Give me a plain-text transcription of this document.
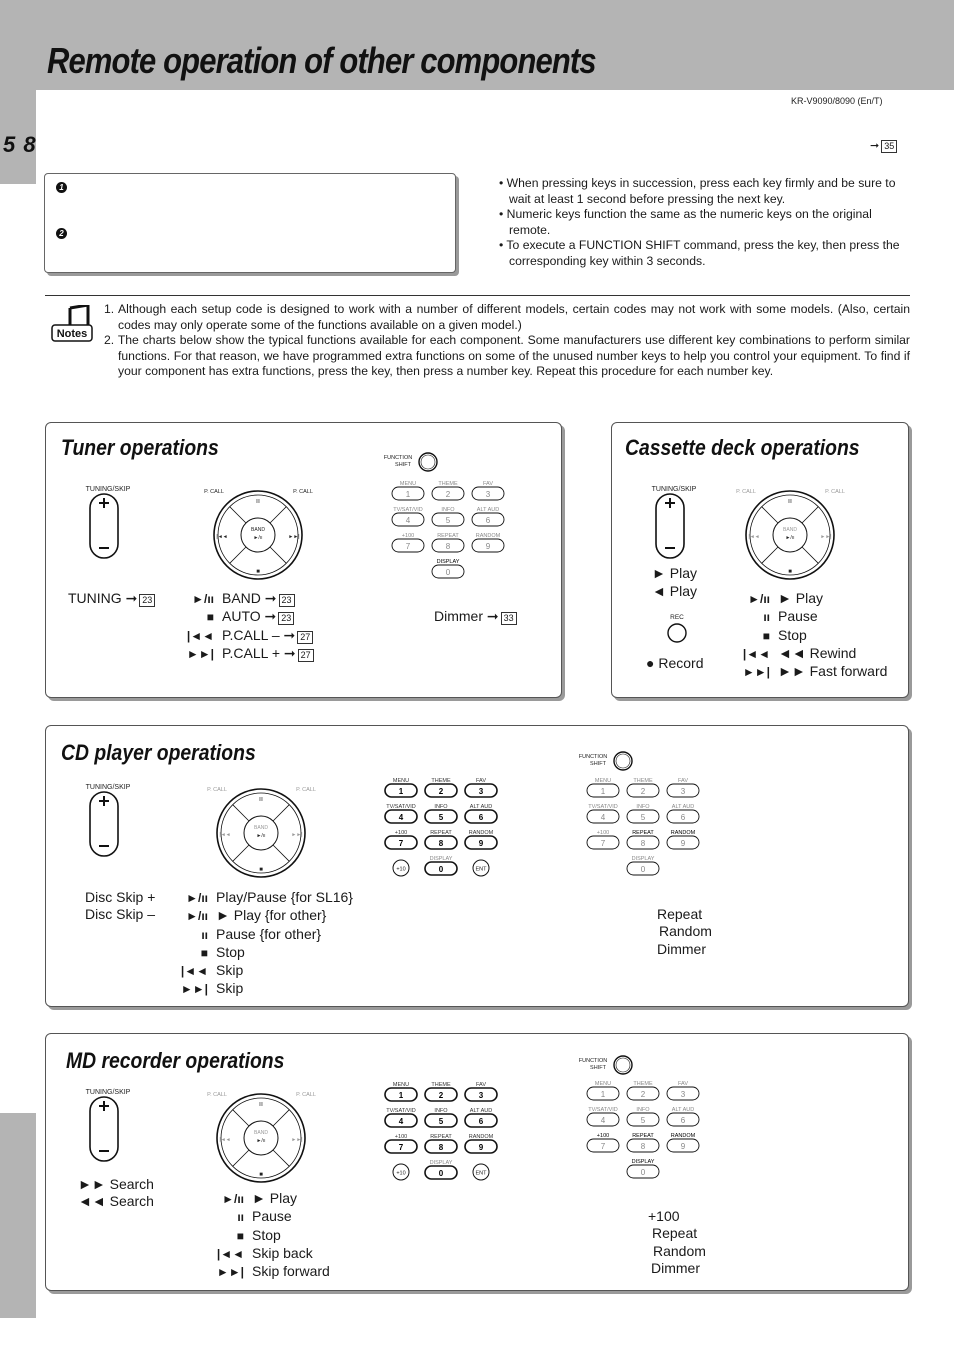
Remote operation of other components
5 8
KR-V9090/8090 (En/T)
➞ 35
1
2
• When pressing keys in succession, press each key firmly and be sure to wait at least 1 second before pressing the next key.
• Numeric keys function the same as the numeric keys on the original remote.
• To execute a FUNCTION SHIFT command, press the key, then press the corresponding key within 3 seconds.
Notes
1. Although each setup code is designed to work with a number of different models, certain codes may not work with some models. (Also, certain codes may only operate some of the functions available on a given model.)
2. The charts below show the typical functions available for each component. Some manufacturers use different key combinations to perform similar functions. For that reason, we have programmed extra functions on some of the unused number keys to help you control your equipment. To find if your component has extra functions, press the key, then press a number key. Repeat this procedure for each number key.
Tuner operations
TUNING ➞ 23	►/ıı BAND ➞ 23
■ AUTO ➞ 23
|◄◄ P.CALL – ➞ 27
►►| P.CALL + ➞ 27
Dimmer ➞ 33
Cassette deck operations
► Play
◄ Play
● Record
►/ıı ► Play
ıı Pause
■ Stop
|◄◄ ◄◄ Rewind
►►| ►► Fast forward
CD player operations
Disc Skip +
Disc Skip –
►/ıı Play/Pause {for SL16}
►/ıı ► Play {for other}
ıı Pause {for other}
■ Stop
|◄◄ Skip
►►| Skip
Repeat
Random
Dimmer
MD recorder operations
►► Search
◄◄ Search	►/ıı ► Play
ıı Pause
■ Stop
|◄◄ Skip back
►►| Skip forward
+100
Repeat
Random
Dimmer
TUNING/SKIP	P. CALL	P. CALL
ıı
■
|◄◄	►►|
BAND
►/ıı
FUNCTION
SHIFT
MENU
1
THEME
2
FAV
3
TV/SAT/VID
4
INFO
5
ALT AUD
6
+100
7
REPEAT
8
RANDOM
9
DISPLAY
0
TUNING/SKIP	P. CALL	P. CALL
ıı
■
|◄◄	►►|
BAND
►/ıı
REC
TUNING/SKIP	P. CALL	P. CALL
ıı
■
|◄◄	►►|
BAND
►/ıı
MENU
1
THEME
2
FAV
3
TV/SAT/VID
4
INFO
5
ALT AUD
6
+100
7
REPEAT
8
RANDOM
9
DISPLAY
0
+10	ENT
FUNCTION
SHIFT
MENU
1
THEME
2
FAV
3
TV/SAT/VID
4
INFO
5
ALT AUD
6
+100
7
REPEAT
8
RANDOM
9
DISPLAY
0
TUNING/SKIP	P. CALL	P. CALL
ıı
■
|◄◄	►►|
BAND
►/ıı
MENU
1
THEME
2
FAV
3
TV/SAT/VID
4
INFO
5
ALT AUD
6
+100
7
REPEAT
8
RANDOM
9
DISPLAY
0
+10	ENT
FUNCTION
SHIFT
MENU
1
THEME
2
FAV
3
TV/SAT/VID
4
INFO
5
ALT AUD
6
+100
7
REPEAT
8
RANDOM
9
DISPLAY
0
